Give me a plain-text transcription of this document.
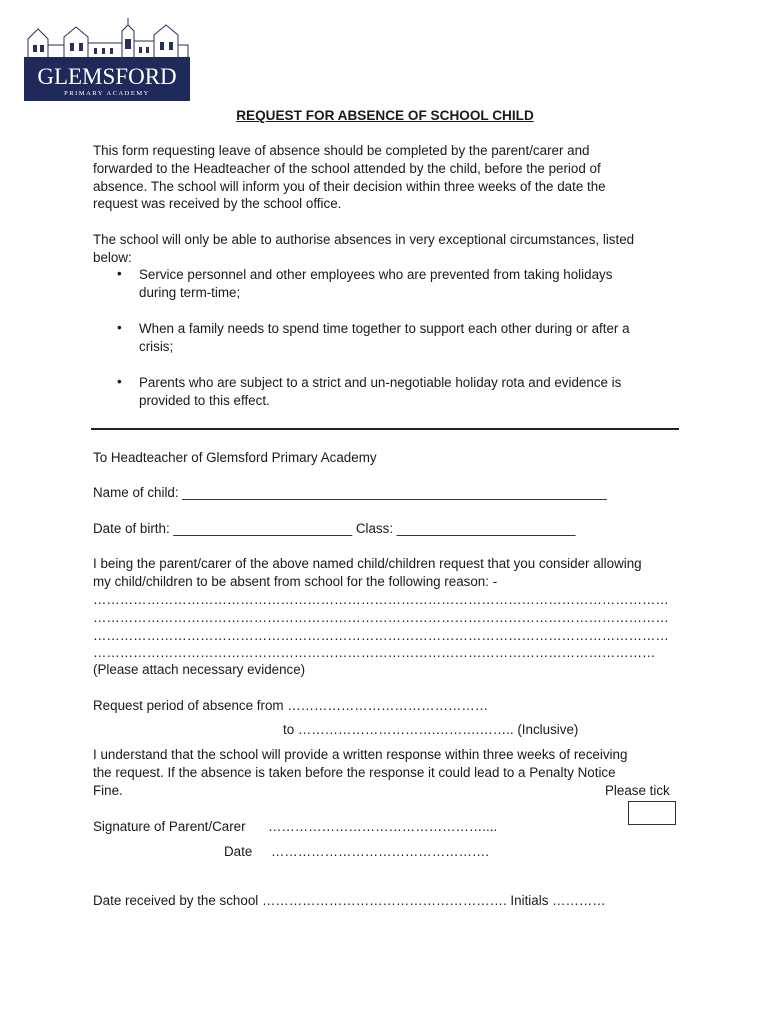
GLEMSFORD
PRIMARY ACADEMY
REQUEST FOR ABSENCE OF SCHOOL CHILD
This form requesting leave of absence should be completed by the parent/carer and
forwarded to the Headteacher of the school attended by the child, before the period of
absence. The school will inform you of their decision within three weeks of the date the
request was received by the school office.
The school will only be able to authorise absences in very exceptional circumstances, listed
below:
• Service personnel and other employees who are prevented from taking holidays
during term-time;
• When a family needs to spend time together to support each other during or after a
crisis;
• Parents who are subject to a strict and un-negotiable holiday rota and evidence is
provided to this effect.
To Headteacher of Glemsford Primary Academy
Name of child: _________________________________________________________
Date of birth: ________________________ Class: ________________________
I being the parent/carer of the above named child/children request that you consider allowing
my child/children to be absent from school for the following reason: -
…………………………………………………………………………………………………………………
…………………………………………………………………………………………………………………
…………………………………………………………………………………………………………………
………………………………………………………………………………………………………………
(Please attach necessary evidence)
Request period of absence from ………………………………………
to ………………………….……….…….. (Inclusive)
I understand that the school will provide a written response within three weeks of receiving
the request. If the absence is taken before the response it could lead to a Penalty Notice
Fine.	Please tick
Signature of Parent/Carer …………………………………………....
Date ………………………………………….
Date received by the school ………………………………………………. Initials …………
